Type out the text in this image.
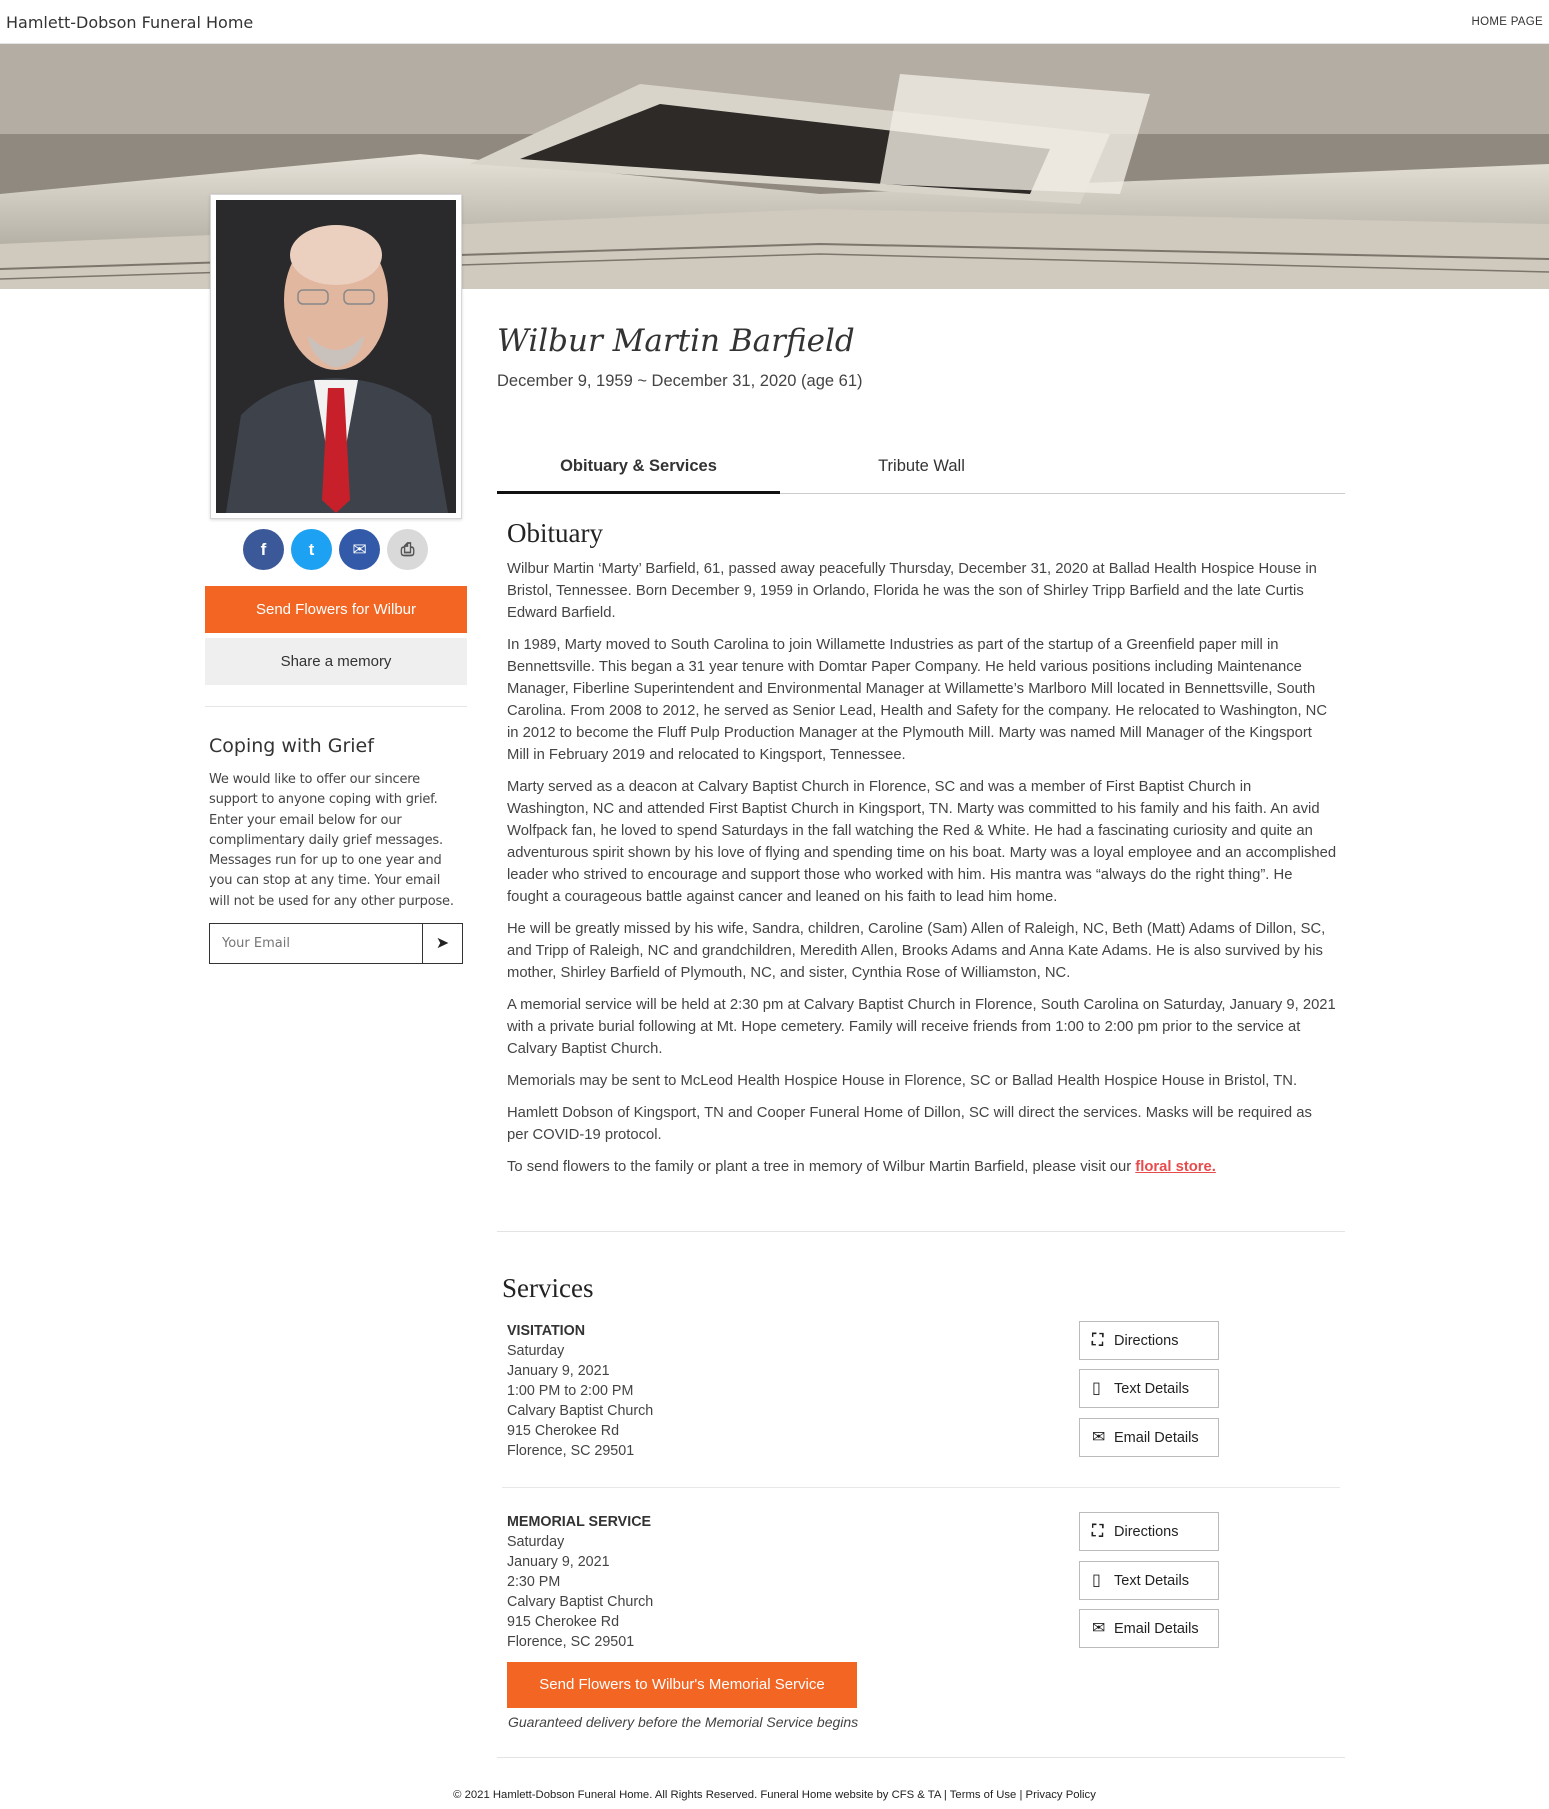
Hamlett-Dobson Funeral Home	HOME PAGE
f	t	✉	⎙
Send Flowers for Wilbur
Share a memory
Coping with Grief
We would like to offer our sincere support to anyone coping with grief. Enter your email below for our complimentary daily grief messages. Messages run for up to one year and you can stop at any time. Your email will not be used for any other purpose.
Your Email
➤
Wilbur Martin Barfield
December 9, 1959 ~ December 31, 2020 (age 61)
Obituary & Services	Tribute Wall
Obituary

Wilbur Martin ‘Marty’ Barfield, 61, passed away peacefully Thursday, December 31, 2020 at Ballad Health Hospice House in Bristol, Tennessee. Born December 9, 1959 in Orlando, Florida he was the son of Shirley Tripp Barfield and the late Curtis Edward Barfield.

In 1989, Marty moved to South Carolina to join Willamette Industries as part of the startup of a Greenfield paper mill in Bennettsville. This began a 31 year tenure with Domtar Paper Company. He held various positions including Maintenance Manager, Fiberline Superintendent and Environmental Manager at Willamette’s Marlboro Mill located in Bennettsville, South Carolina. From 2008 to 2012, he served as Senior Lead, Health and Safety for the company. He relocated to Washington, NC in 2012 to become the Fluff Pulp Production Manager at the Plymouth Mill. Marty was named Mill Manager of the Kingsport Mill in February 2019 and relocated to Kingsport, Tennessee.

Marty served as a deacon at Calvary Baptist Church in Florence, SC and was a member of First Baptist Church in Washington, NC and attended First Baptist Church in Kingsport, TN. Marty was committed to his family and his faith. An avid Wolfpack fan, he loved to spend Saturdays in the fall watching the Red & White. He had a fascinating curiosity and quite an adventurous spirit shown by his love of flying and spending time on his boat. Marty was a loyal employee and an accomplished leader who strived to encourage and support those who worked with him. His mantra was “always do the right thing”. He fought a courageous battle against cancer and leaned on his faith to lead him home.

He will be greatly missed by his wife, Sandra, children, Caroline (Sam) Allen of Raleigh, NC, Beth (Matt) Adams of Dillon, SC, and Tripp of Raleigh, NC and grandchildren, Meredith Allen, Brooks Adams and Anna Kate Adams. He is also survived by his mother, Shirley Barfield of Plymouth, NC, and sister, Cynthia Rose of Williamston, NC.

A memorial service will be held at 2:30 pm at Calvary Baptist Church in Florence, South Carolina on Saturday, January 9, 2021 with a private burial following at Mt. Hope cemetery. Family will receive friends from 1:00 to 2:00 pm prior to the service at Calvary Baptist Church.

Memorials may be sent to McLeod Health Hospice House in Florence, SC or Ballad Health Hospice House in Bristol, TN.

Hamlett Dobson of Kingsport, TN and Cooper Funeral Home of Dillon, SC will direct the services. Masks will be required as per COVID-19 protocol.

To send flowers to the family or plant a tree in memory of Wilbur Martin Barfield, please visit our floral store.

Services
VISITATION
Saturday
January 9, 2021
1:00 PM to 2:00 PM
Calvary Baptist Church
915 Cherokee Rd
Florence, SC 29501
⛶ Directions
▯ Text Details
✉ Email Details
MEMORIAL SERVICE
Saturday
January 9, 2021
2:30 PM
Calvary Baptist Church
915 Cherokee Rd
Florence, SC 29501
⛶ Directions
▯ Text Details
✉ Email Details
Send Flowers to Wilbur's Memorial Service
Guaranteed delivery before the Memorial Service begins
© 2021 Hamlett-Dobson Funeral Home. All Rights Reserved. Funeral Home website by CFS & TA | Terms of Use | Privacy Policy
